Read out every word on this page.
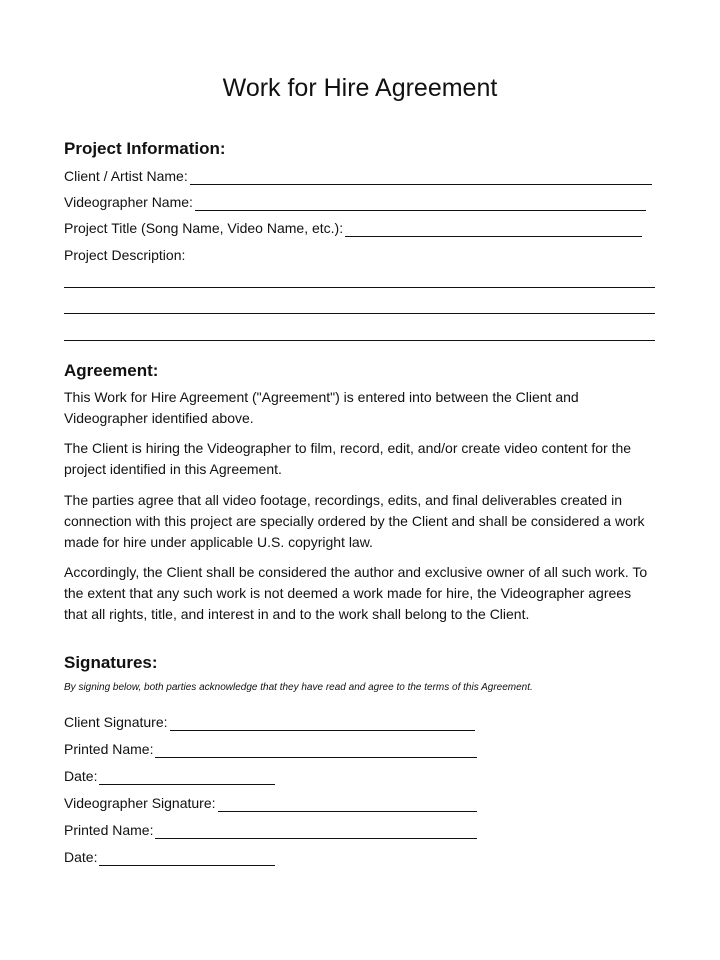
Work for Hire Agreement
Project Information:
Client / Artist Name:
Videographer Name:
Project Title (Song Name, Video Name, etc.):
Project Description:
Agreement:

This Work for Hire Agreement ("Agreement") is entered into between the Client and Videographer identified above.

The Client is hiring the Videographer to film, record, edit, and/or create video content for the project identified in this Agreement.

The parties agree that all video footage, recordings, edits, and final deliverables created in connection with this project are specially ordered by the Client and shall be considered a work made for hire under applicable U.S. copyright law.

Accordingly, the Client shall be considered the author and exclusive owner of all such work. To the extent that any such work is not deemed a work made for hire, the Videographer agrees that all rights, title, and interest in and to the work shall belong to the Client.

Signatures:
By signing below, both parties acknowledge that they have read and agree to the terms of this Agreement.
Client Signature:
Printed Name:
Date:
Videographer Signature:
Printed Name:
Date:
